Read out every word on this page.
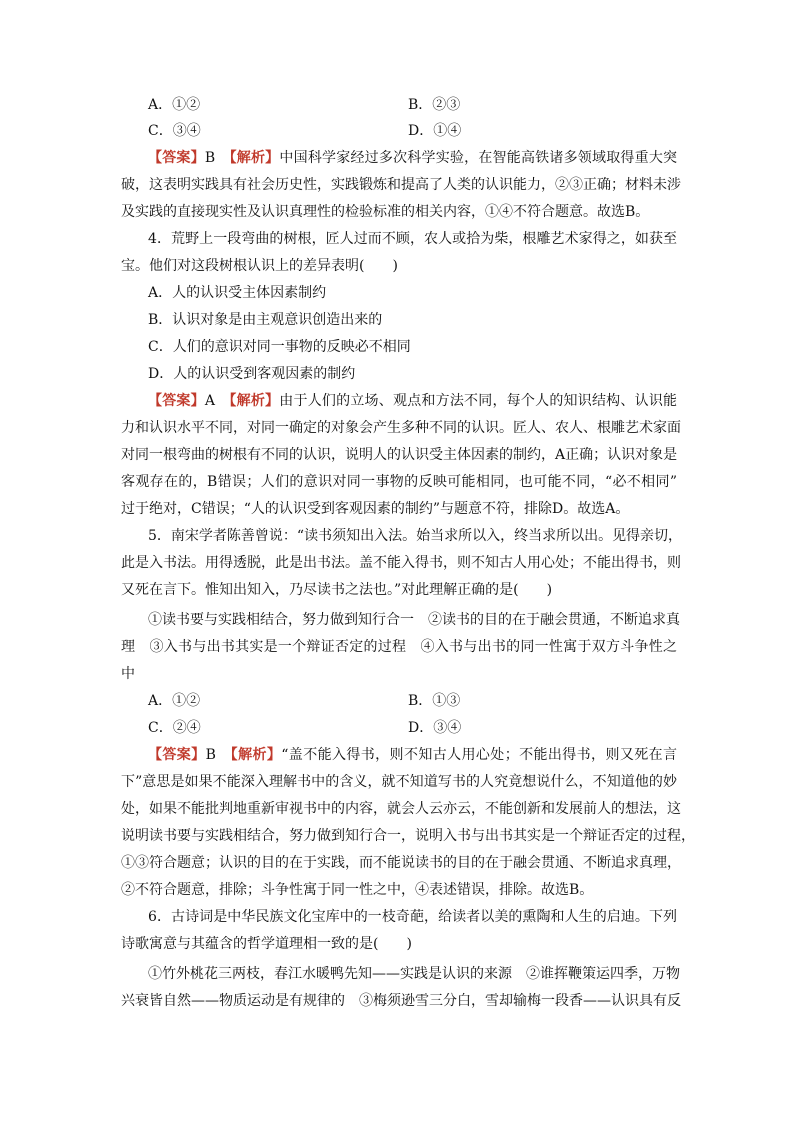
A．①②	B．②③
C．③④	D．①④
【答案】B　 【解析】中国科学家经过多次科学实验，在智能高铁诸多领域取得重大突
破，这表明实践具有社会历史性，实践锻炼和提高了人类的认识能力，②③正确；材料未涉
及实践的直接现实性及认识真理性的检验标准的相关内容，①④不符合题意。故选B。
4．荒野上一段弯曲的树根，匠人过而不顾，农人或拾为柴，根雕艺术家得之，如获至
宝。他们对这段树根认识上的差异表明(　　)
A．人的认识受主体因素制约
B．认识对象是由主观意识创造出来的
C．人们的意识对同一事物的反映必不相同
D．人的认识受到客观因素的制约
【答案】A　 【解析】由于人们的立场、观点和方法不同，每个人的知识结构、认识能
力和认识水平不同，对同一确定的对象会产生多种不同的认识。匠人、农人、根雕艺术家面
对同一根弯曲的树根有不同的认识，说明人的认识受主体因素的制约，A正确；认识对象是
客观存在的，B错误；人们的意识对同一事物的反映可能相同，也可能不同，“必不相同”
过于绝对，C错误；“人的认识受到客观因素的制约”与题意不符，排除D。故选A。
5．南宋学者陈善曾说：“读书须知出入法。始当求所以入，终当求所以出。见得亲切，
此是入书法。用得透脱，此是出书法。盖不能入得书，则不知古人用心处；不能出得书，则
又死在言下。惟知出知入，乃尽读书之法也。”对此理解正确的是(　　)
①读书要与实践相结合，努力做到知行合一　②读书的目的在于融会贯通，不断追求真
理　③入书与出书其实是一个辩证否定的过程　④入书与出书的同一性寓于双方斗争性之
中
A．①②	B．①③
C．②④	D．③④
【答案】B　 【解析】“盖不能入得书，则不知古人用心处；不能出得书，则又死在言
下”意思是如果不能深入理解书中的含义，就不知道写书的人究竟想说什么，不知道他的妙
处，如果不能批判地重新审视书中的内容，就会人云亦云，不能创新和发展前人的想法，这
说明读书要与实践相结合，努力做到知行合一，说明入书与出书其实是一个辩证否定的过程，
①③符合题意；认识的目的在于实践，而不能说读书的目的在于融会贯通、不断追求真理，
②不符合题意，排除；斗争性寓于同一性之中，④表述错误，排除。故选B。
6．古诗词是中华民族文化宝库中的一枝奇葩，给读者以美的熏陶和人生的启迪。下列
诗歌寓意与其蕴含的哲学道理相一致的是(　　)
①竹外桃花三两枝，春江水暖鸭先知——实践是认识的来源　②谁挥鞭策运四季，万物
兴衰皆自然——物质运动是有规律的　③梅须逊雪三分白，雪却输梅一段香——认识具有反
